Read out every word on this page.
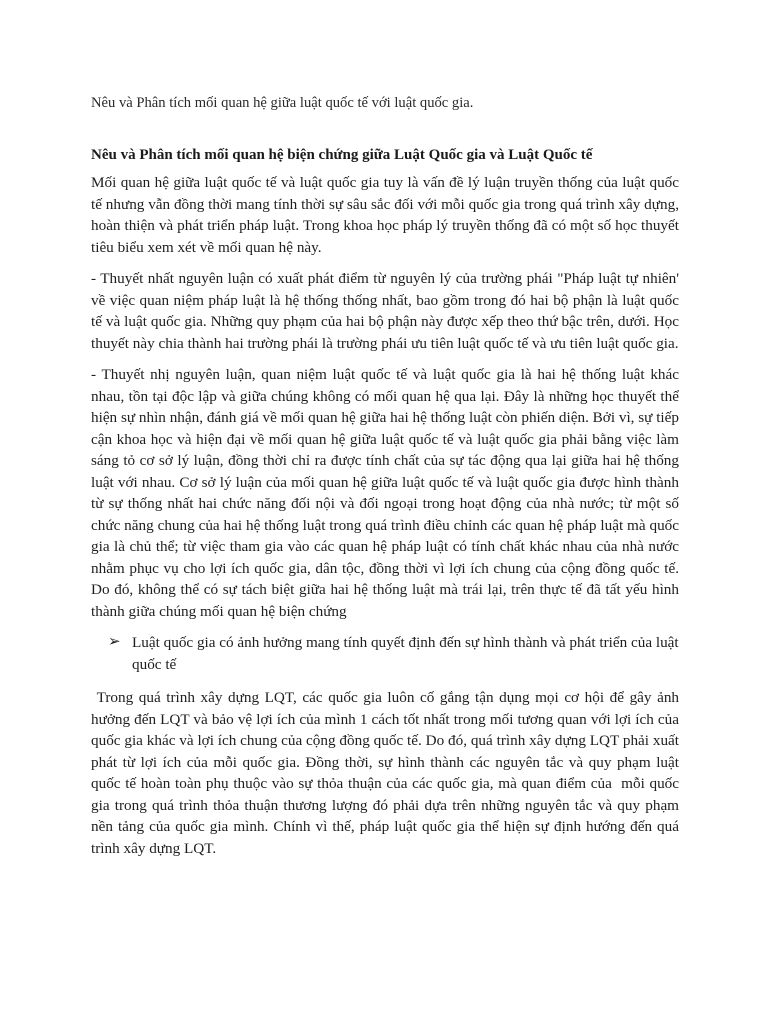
Nêu và Phân tích mối quan hệ giữa luật quốc tế với luật quốc gia.

Nêu và Phân tích mối quan hệ biện chứng giữa Luật Quốc gia và Luật Quốc tế

Mối quan hệ giữa luật quốc tế và luật quốc gia tuy là vấn đề lý luận truyền thống của luật quốc tế nhưng vẫn đồng thời mang tính thời sự sâu sắc đối với mỗi quốc gia trong quá trình xây dựng, hoàn thiện và phát triển pháp luật. Trong khoa học pháp lý truyền thống đã có một số học thuyết tiêu biểu xem xét về mối quan hệ này.

- Thuyết nhất nguyên luận có xuất phát điểm từ nguyên lý của trường phái "Pháp luật tự nhiên' về việc quan niệm pháp luật là hệ thống thống nhất, bao gồm trong đó hai bộ phận là luật quốc tế và luật quốc gia. Những quy phạm của hai bộ phận này được xếp theo thứ bậc trên, dưới. Học thuyết này chia thành hai trường phái là trường phái ưu tiên luật quốc tế và ưu tiên luật quốc gia.

- Thuyết nhị nguyên luận, quan niệm luật quốc tế và luật quốc gia là hai hệ thống luật khác nhau, tồn tại độc lập và giữa chúng không có mối quan hệ qua lại. Đây là những học thuyết thể hiện sự nhìn nhận, đánh giá về mối quan hệ giữa hai hệ thống luật còn phiến diện. Bởi vì, sự tiếp cận khoa học và hiện đại về mối quan hệ giữa luật quốc tế và luật quốc gia phải bằng việc làm sáng tỏ cơ sở lý luận, đồng thời chỉ ra được tính chất của sự tác động qua lại giữa hai hệ thống luật với nhau. Cơ sở lý luận của mối quan hệ giữa luật quốc tế và luật quốc gia được hình thành từ sự thống nhất hai chức năng đối nội và đối ngoại trong hoạt động của nhà nước; từ một số chức năng chung của hai hệ thống luật trong quá trình điều chỉnh các quan hệ pháp luật mà quốc gia là chủ thể; từ việc tham gia vào các quan hệ pháp luật có tính chất khác nhau của nhà nước nhằm phục vụ cho lợi ích quốc gia, dân tộc, đồng thời vì lợi ích chung của cộng đồng quốc tế. Do đó, không thể có sự tách biệt giữa hai hệ thống luật mà trái lại, trên thực tế đã tất yếu hình thành giữa chúng mối quan hệ biện chứng

➢ Luật quốc gia có ảnh hưởng mang tính quyết định đến sự hình thành và phát triển của luật quốc tế

Trong quá trình xây dựng LQT, các quốc gia luôn cố gắng tận dụng mọi cơ hội để gây ảnh hưởng đến LQT và bảo vệ lợi ích của mình 1 cách tốt nhất trong mối tương quan với lợi ích của quốc gia khác và lợi ích chung của cộng đồng quốc tế. Do đó, quá trình xây dựng LQT phải xuất phát từ lợi ích của mỗi quốc gia. Đồng thời, sự hình thành các nguyên tắc và quy phạm luật quốc tế hoàn toàn phụ thuộc vào sự thỏa thuận của các quốc gia, mà quan điểm của  mỗi quốc gia trong quá trình thỏa thuận thương lượng đó phải dựa trên những nguyên tắc và quy phạm nền tảng của quốc gia mình. Chính vì thế, pháp luật quốc gia thể hiện sự định hướng đến quá trình xây dựng LQT.
